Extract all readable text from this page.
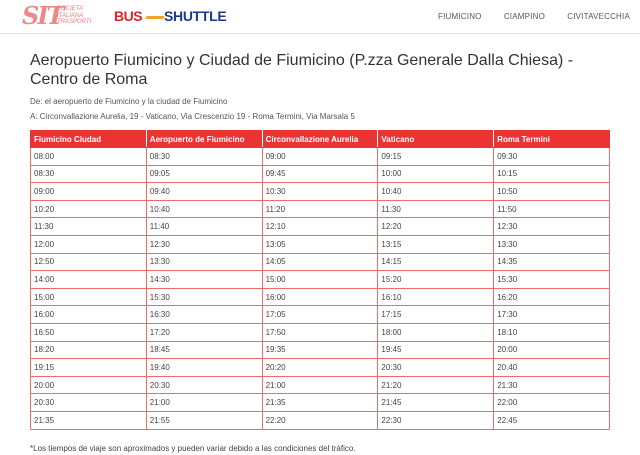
SIT
SOCIETA'
ITALIANA
TRASPORTI BUS SHUTTLE	FIUMICINO	CIAMPINO	CIVITAVECCHIA
Aeropuerto Fiumicino y Ciudad de Fiumicino (P.zza Generale Dalla Chiesa) - Centro de Roma
De: el aeropuerto de Fiumicino y la ciudad de Fiumicino
A: Circonvallazione Aurelia, 19 - Vaticano, Via Crescenzio 19 - Roma Termini, Via Marsala 5
Fiumicino Ciudad	Aeropuerto de Fiumicino	Circonvallazione Aurelia	Vaticano	Roma Termini
08:00	08:30	09:00	09:15	09:30
08:30	09:05	09:45	10:00	10:15
09:00	09:40	10:30	10:40	10:50
10:20	10:40	11:20	11:30	11:50
11:30	11:40	12:10	12:20	12:30
12:00	12:30	13:05	13:15	13:30
12:50	13:30	14:05	14:15	14:35
14:00	14:30	15:00	15:20	15:30
15:00	15:30	16:00	16:10	16:20
16:00	16:30	17:05	17:15	17:30
16:50	17:20	17:50	18:00	18:10
18:20	18:45	19:35	19:45	20:00
19:15	19:40	20:20	20:30	20:40
20:00	20:30	21:00	21:20	21:30
20:30	21:00	21:35	21:45	22:00
21:35	21:55	22:20	22:30	22:45
*Los tiempos de viaje son aproximados y pueden variar debido a las condiciones del tráfico.
